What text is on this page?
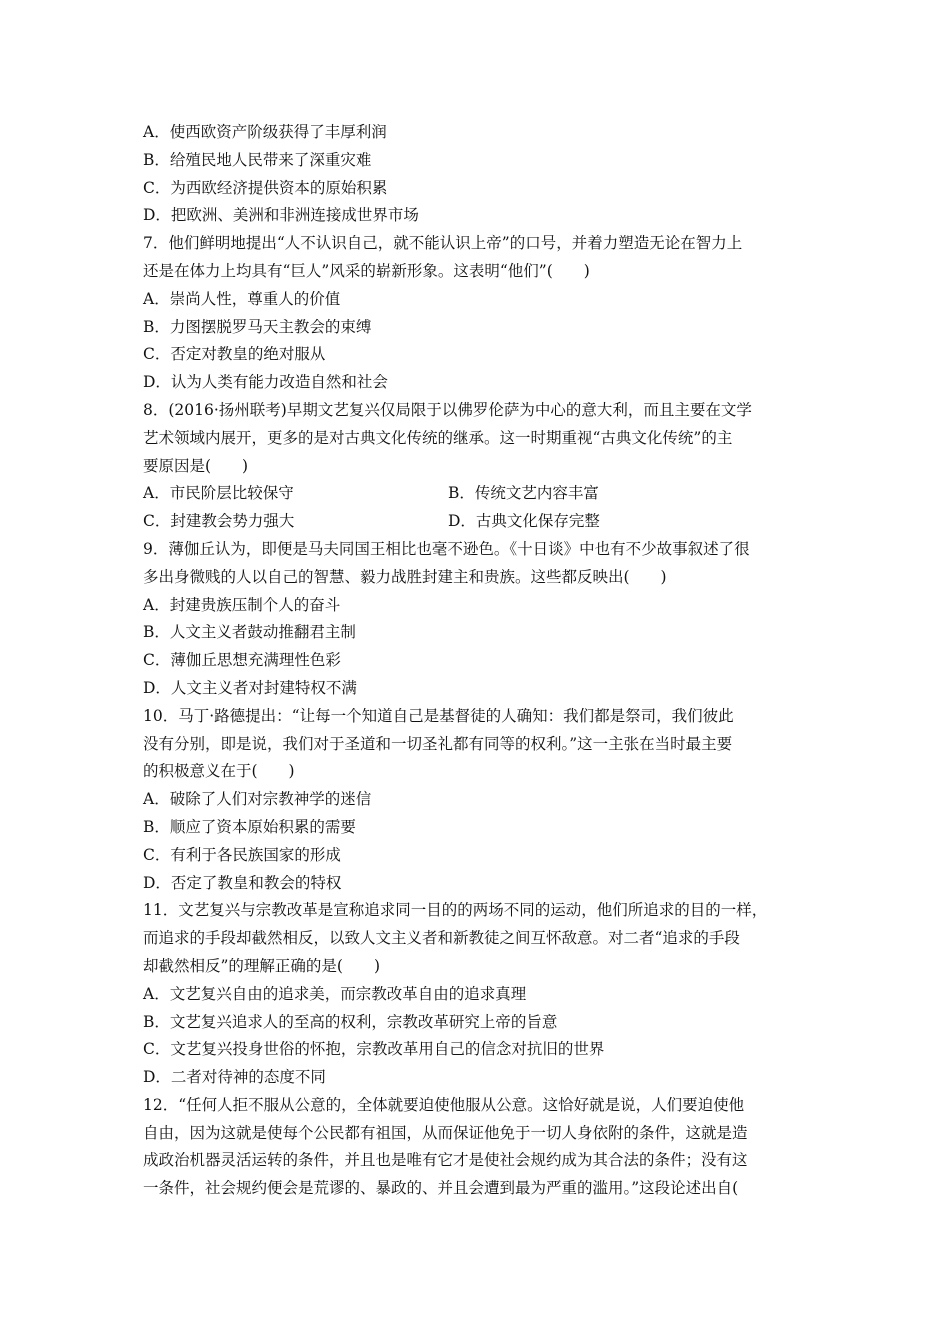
A．使西欧资产阶级获得了丰厚利润
B．给殖民地人民带来了深重灾难
C．为西欧经济提供资本的原始积累
D．把欧洲、美洲和非洲连接成世界市场
7．他们鲜明地提出“人不认识自己，就不能认识上帝”的口号，并着力塑造无论在智力上
还是在体力上均具有“巨人”风采的崭新形象。这表明“他们”(　　)
A．崇尚人性，尊重人的价值
B．力图摆脱罗马天主教会的束缚
C．否定对教皇的绝对服从
D．认为人类有能力改造自然和社会
8．(2016·扬州联考)早期文艺复兴仅局限于以佛罗伦萨为中心的意大利，而且主要在文学
艺术领域内展开，更多的是对古典文化传统的继承。这一时期重视“古典文化传统”的主
要原因是(　　)
A．市民阶层比较保守	B．传统文艺内容丰富
C．封建教会势力强大	D．古典文化保存完整
9．薄伽丘认为，即便是马夫同国王相比也毫不逊色。《十日谈》中也有不少故事叙述了很
多出身微贱的人以自己的智慧、毅力战胜封建主和贵族。这些都反映出(　　)
A．封建贵族压制个人的奋斗
B．人文主义者鼓动推翻君主制
C．薄伽丘思想充满理性色彩
D．人文主义者对封建特权不满
10．马丁·路德提出：“让每一个知道自己是基督徒的人确知：我们都是祭司，我们彼此
没有分别，即是说，我们对于圣道和一切圣礼都有同等的权利。”这一主张在当时最主要
的积极意义在于(　　)
A．破除了人们对宗教神学的迷信
B．顺应了资本原始积累的需要
C．有利于各民族国家的形成
D．否定了教皇和教会的特权
11．文艺复兴与宗教改革是宣称追求同一目的的两场不同的运动，他们所追求的目的一样，
而追求的手段却截然相反，以致人文主义者和新教徒之间互怀敌意。对二者“追求的手段
却截然相反”的理解正确的是(　　)
A．文艺复兴自由的追求美，而宗教改革自由的追求真理
B．文艺复兴追求人的至高的权利，宗教改革研究上帝的旨意
C．文艺复兴投身世俗的怀抱，宗教改革用自己的信念对抗旧的世界
D．二者对待神的态度不同
12．“任何人拒不服从公意的，全体就要迫使他服从公意。这恰好就是说，人们要迫使他
自由，因为这就是使每个公民都有祖国，从而保证他免于一切人身依附的条件，这就是造
成政治机器灵活运转的条件，并且也是唯有它才是使社会规约成为其合法的条件；没有这
一条件，社会规约便会是荒谬的、暴政的、并且会遭到最为严重的滥用。”这段论述出自(
